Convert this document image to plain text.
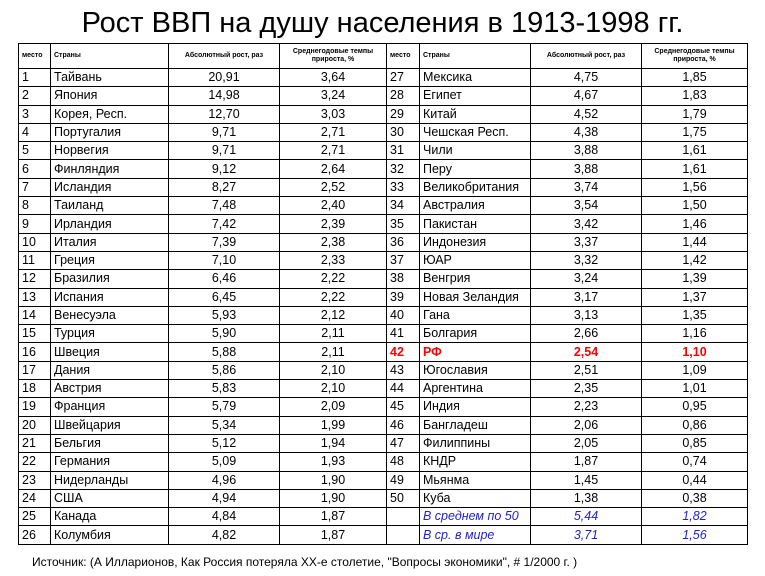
Рост ВВП на душу населения в 1913-1998 гг.
место	Страны	Абсолютный рост, раз	Среднегодовые темпы прироста, %	место	Страны	Абсолютный рост, раз	Среднегодовые темпы прироста, %
1	Тайвань	20,91	3,64	27	Мексика	4,75	1,85
2	Япония	14,98	3,24	28	Египет	4,67	1,83
3	Корея, Респ.	12,70	3,03	29	Китай	4,52	1,79
4	Португалия	9,71	2,71	30	Чешская Респ.	4,38	1,75
5	Норвегия	9,71	2,71	31	Чили	3,88	1,61
6	Финляндия	9,12	2,64	32	Перу	3,88	1,61
7	Исландия	8,27	2,52	33	Великобритания	3,74	1,56
8	Таиланд	7,48	2,40	34	Австралия	3,54	1,50
9	Ирландия	7,42	2,39	35	Пакистан	3,42	1,46
10	Италия	7,39	2,38	36	Индонезия	3,37	1,44
11	Греция	7,10	2,33	37	ЮАР	3,32	1,42
12	Бразилия	6,46	2,22	38	Венгрия	3,24	1,39
13	Испания	6,45	2,22	39	Новая Зеландия	3,17	1,37
14	Венесуэла	5,93	2,12	40	Гана	3,13	1,35
15	Турция	5,90	2,11	41	Болгария	2,66	1,16
16	Швеция	5,88	2,11	42	РФ	2,54	1,10
17	Дания	5,86	2,10	43	Югославия	2,51	1,09
18	Австрия	5,83	2,10	44	Аргентина	2,35	1,01
19	Франция	5,79	2,09	45	Индия	2,23	0,95
20	Швейцария	5,34	1,99	46	Бангладеш	2,06	0,86
21	Бельгия	5,12	1,94	47	Филиппины	2,05	0,85
22	Германия	5,09	1,93	48	КНДР	1,87	0,74
23	Нидерланды	4,96	1,90	49	Мьянма	1,45	0,44
24	США	4,94	1,90	50	Куба	1,38	0,38
25	Канада	4,84	1,87		В среднем по 50	5,44	1,82
26	Колумбия	4,82	1,87		В ср. в мире	3,71	1,56
Источник: (А Илларионов, Как Россия потеряла XX-е столетие, "Вопросы экономики", # 1/2000 г. )
